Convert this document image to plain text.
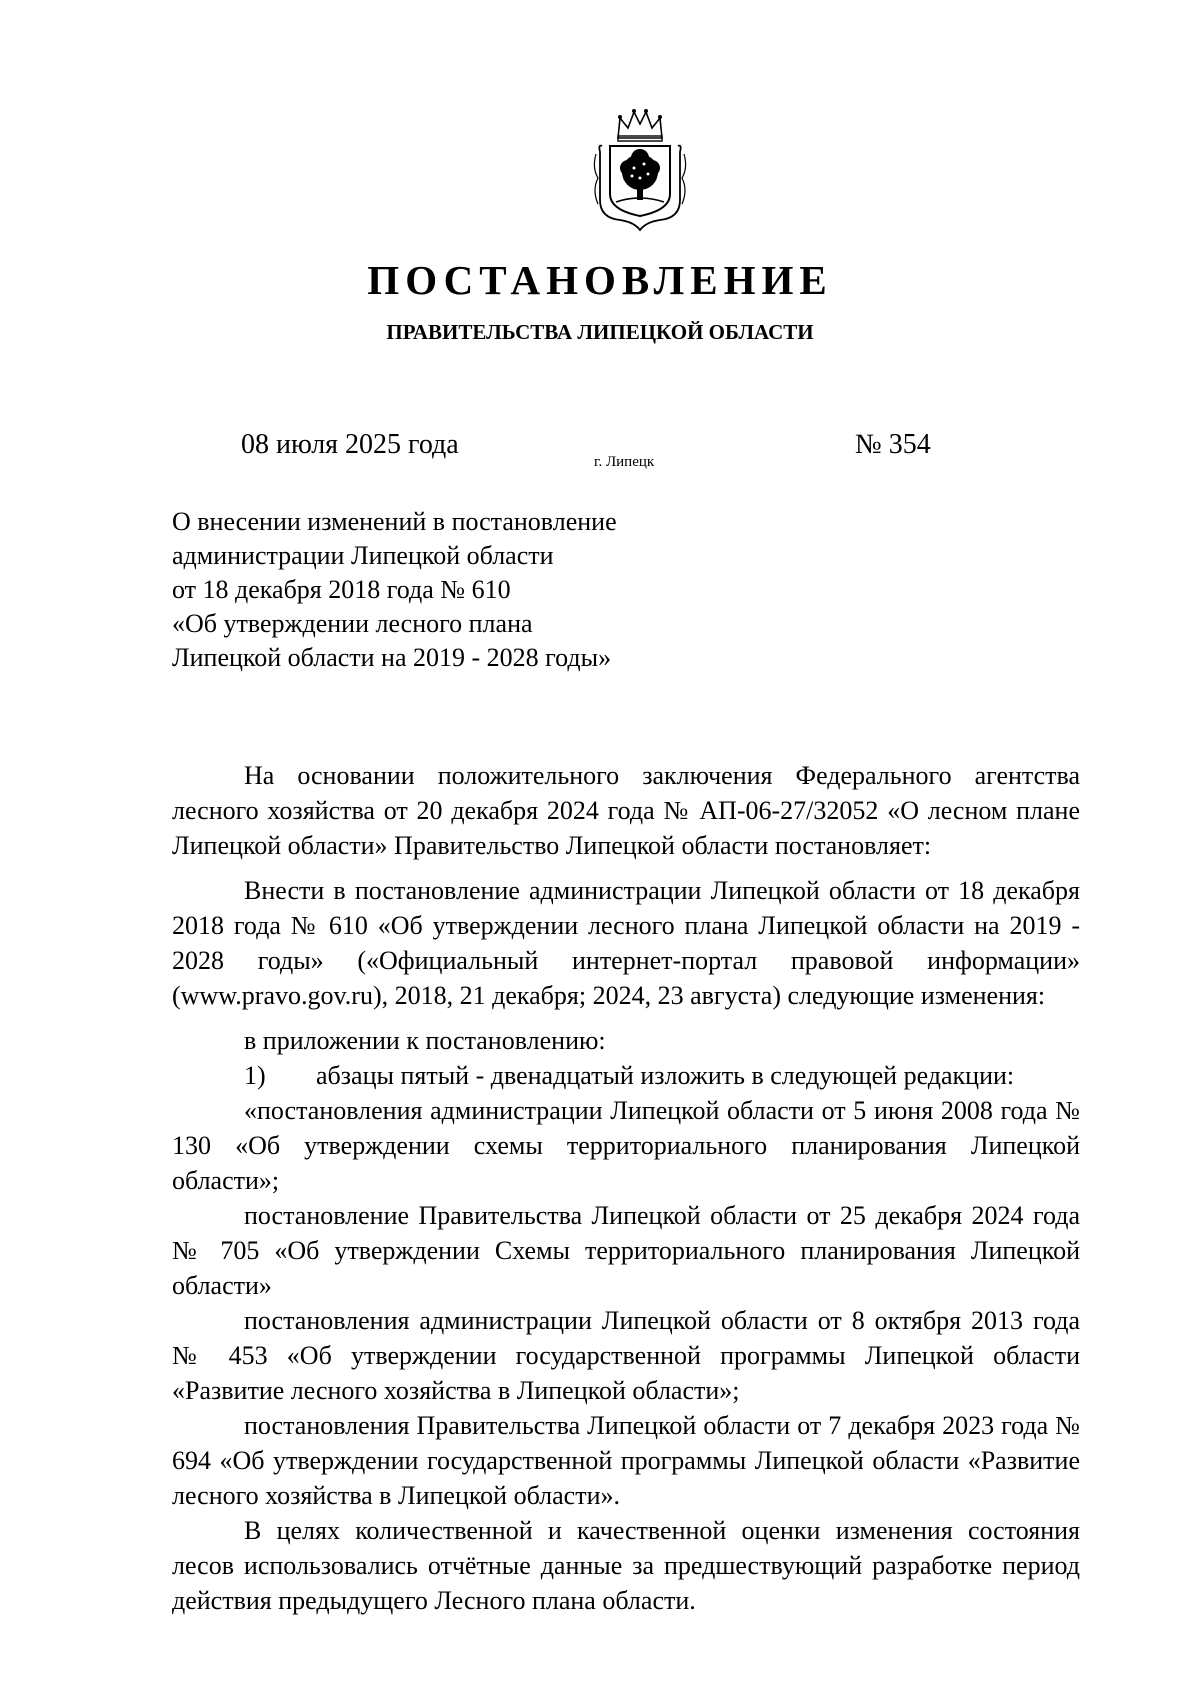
ПОСТАНОВЛЕНИЕ
ПРАВИТЕЛЬСТВА ЛИПЕЦКОЙ ОБЛАСТИ
08 июля 2025 года
г. Липецк
№ 354
О внесении изменений в постановление
администрации Липецкой области
от 18 декабря 2018 года № 610
«Об утверждении лесного плана
Липецкой области на 2019 - 2028 годы»

На основании положительного заключения Федерального агентства лесного хозяйства от 20 декабря 2024 года № АП-06-27/32052 «О лесном плане Липецкой области» Правительство Липецкой области постановляет:

Внести в постановление администрации Липецкой области от 18 декабря 2018 года № 610 «Об утверждении лесного плана Липецкой области на 2019 - 2028 годы» («Официальный интернет-портал правовой информации» (www.pravo.gov.ru), 2018, 21 декабря; 2024, 23 августа) следующие изменения:

в приложении к постановлению:

1) абзацы пятый - двенадцатый изложить в следующей редакции:

«постановления администрации Липецкой области от 5 июня 2008 года № 130 «Об утверждении схемы территориального планирования Липецкой области»;

постановление Правительства Липецкой области от 25 декабря 2024 года № 705 «Об утверждении Схемы территориального планирования Липецкой области»

постановления администрации Липецкой области от 8 октября 2013 года № 453 «Об утверждении государственной программы Липецкой области «Развитие лесного хозяйства в Липецкой области»;

постановления Правительства Липецкой области от 7 декабря 2023 года № 694 «Об утверждении государственной программы Липецкой области «Развитие лесного хозяйства в Липецкой области».

В целях количественной и качественной оценки изменения состояния лесов использовались отчётные данные за предшествующий разработке период действия предыдущего Лесного плана области.
